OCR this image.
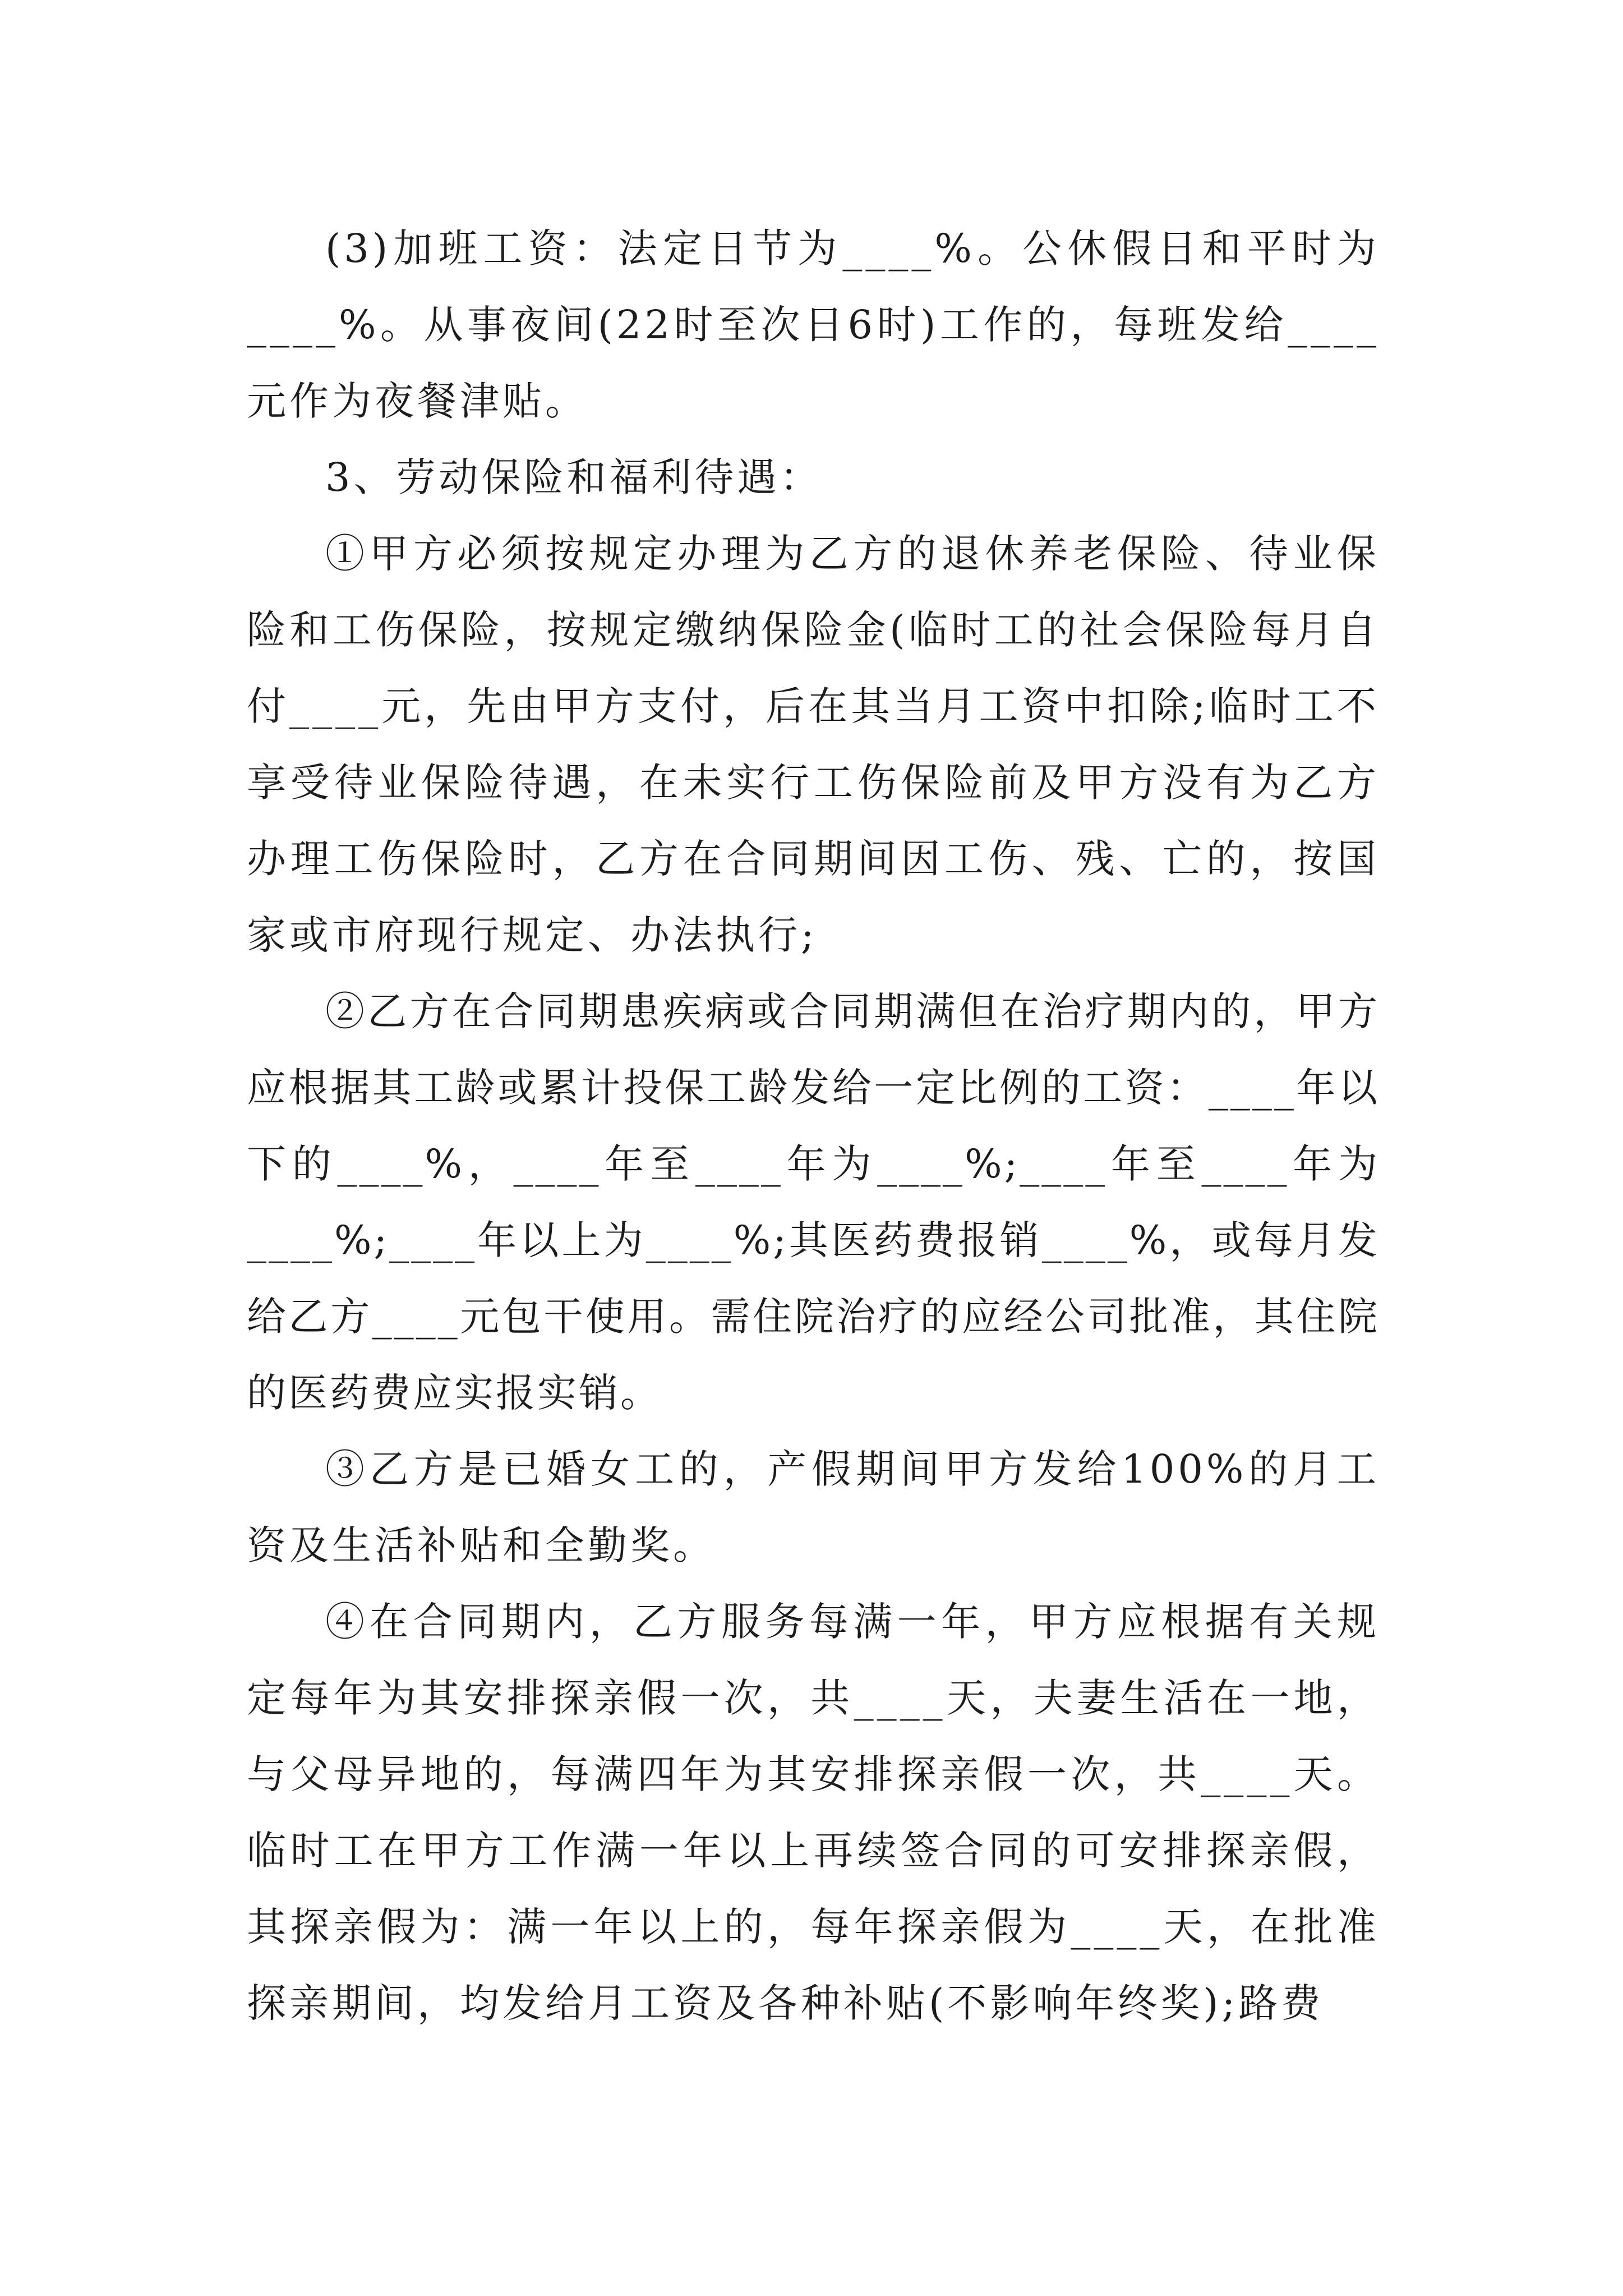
(3)加班工资：法定日节为____%。公休假日和平时为____%。从事夜间(22时至次日6时)工作的，每班发给____元作为夜餐津贴。

3、劳动保险和福利待遇：

①甲方必须按规定办理为乙方的退休养老保险、待业保险和工伤保险，按规定缴纳保险金(临时工的社会保险每月自付____元，先由甲方支付，后在其当月工资中扣除;临时工不享受待业保险待遇，在未实行工伤保险前及甲方没有为乙方办理工伤保险时，乙方在合同期间因工伤、残、亡的，按国家或市府现行规定、办法执行;

②乙方在合同期患疾病或合同期满但在治疗期内的，甲方应根据其工龄或累计投保工龄发给一定比例的工资：____年以下的____%，____年至____年为____%;____年至____年为____%;____年以上为____%;其医药费报销____%，或每月发给乙方____元包干使用。需住院治疗的应经公司批准，其住院的医药费应实报实销。

③乙方是已婚女工的，产假期间甲方发给100%的月工资及生活补贴和全勤奖。

④在合同期内，乙方服务每满一年，甲方应根据有关规定每年为其安排探亲假一次，共____天，夫妻生活在一地，与父母异地的，每满四年为其安排探亲假一次，共____天。临时工在甲方工作满一年以上再续签合同的可安排探亲假，其探亲假为：满一年以上的，每年探亲假为____天，在批准探亲期间，均发给月工资及各种补贴(不影响年终奖);路费
